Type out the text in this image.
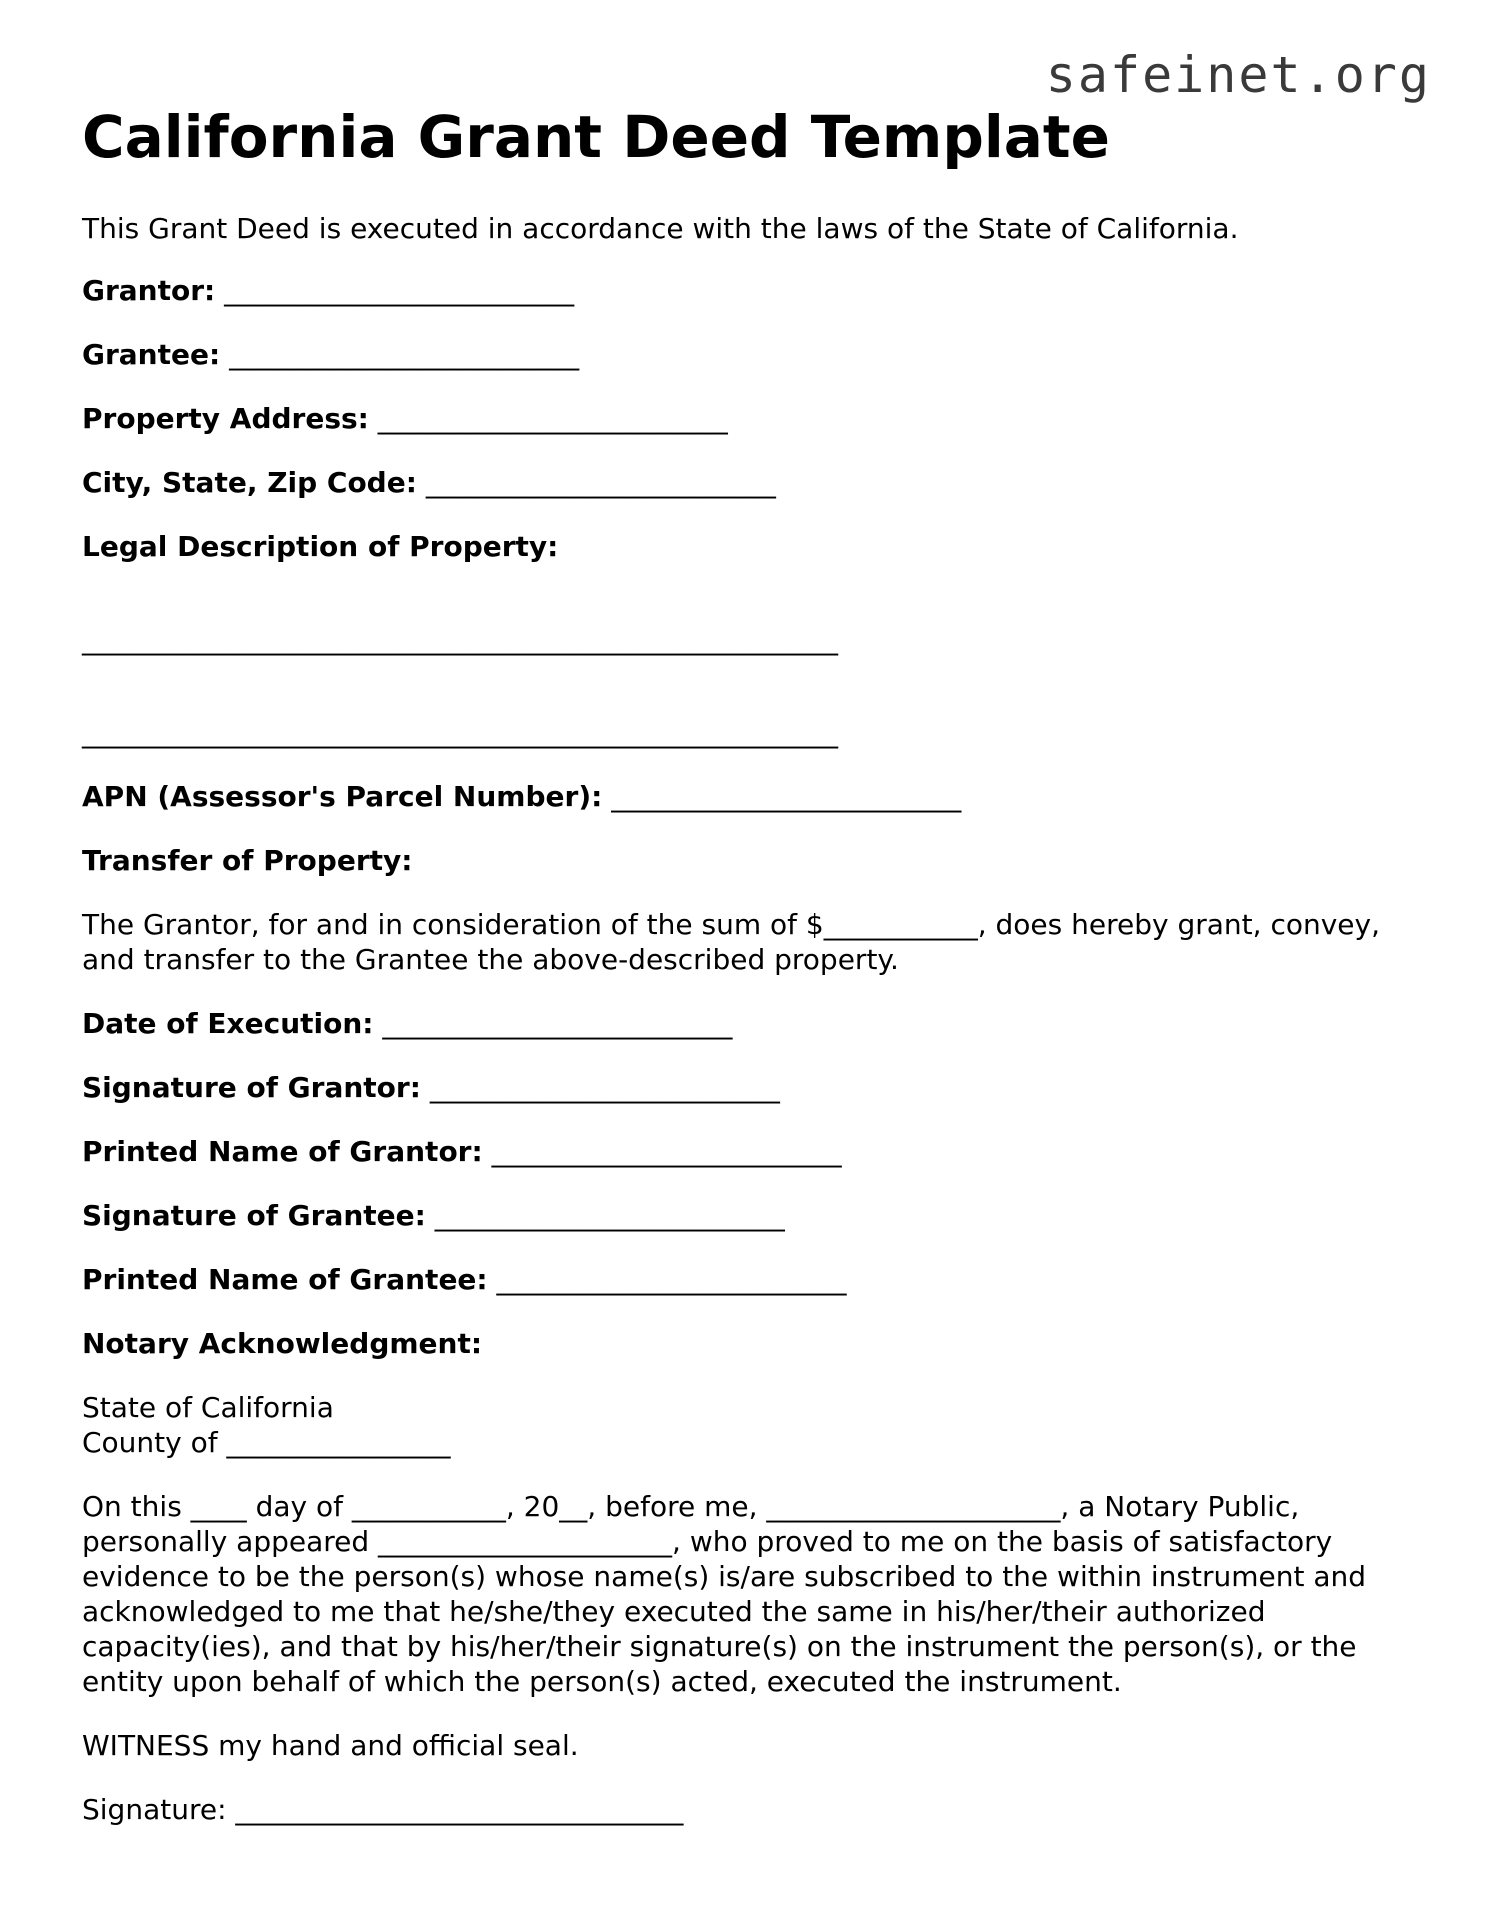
safeinet.org
California Grant Deed Template

This Grant Deed is executed in accordance with the laws of the State of California.

Grantor: _________________________

Grantee: _________________________

Property Address: _________________________

City, State, Zip Code: _________________________

Legal Description of Property:

______________________________________________________
______________________________________________________

APN (Assessor's Parcel Number): _________________________

Transfer of Property:

The Grantor, for and in consideration of the sum of $___________, does hereby grant, convey, and transfer to the Grantee the above-described property.

Date of Execution: _________________________

Signature of Grantor: _________________________

Printed Name of Grantor: _________________________

Signature of Grantee: _________________________

Printed Name of Grantee: _________________________

Notary Acknowledgment:

State of California

County of ________________

On this ____ day of ___________, 20__, before me, _____________________, a Notary Public, personally appeared _____________________, who proved to me on the basis of satisfactory evidence to be the person(s) whose name(s) is/are subscribed to the within instrument and acknowledged to me that he/she/they executed the same in his/her/their authorized capacity(ies), and that by his/her/their signature(s) on the instrument the person(s), or the entity upon behalf of which the person(s) acted, executed the instrument.

WITNESS my hand and official seal.

Signature: ________________________________
